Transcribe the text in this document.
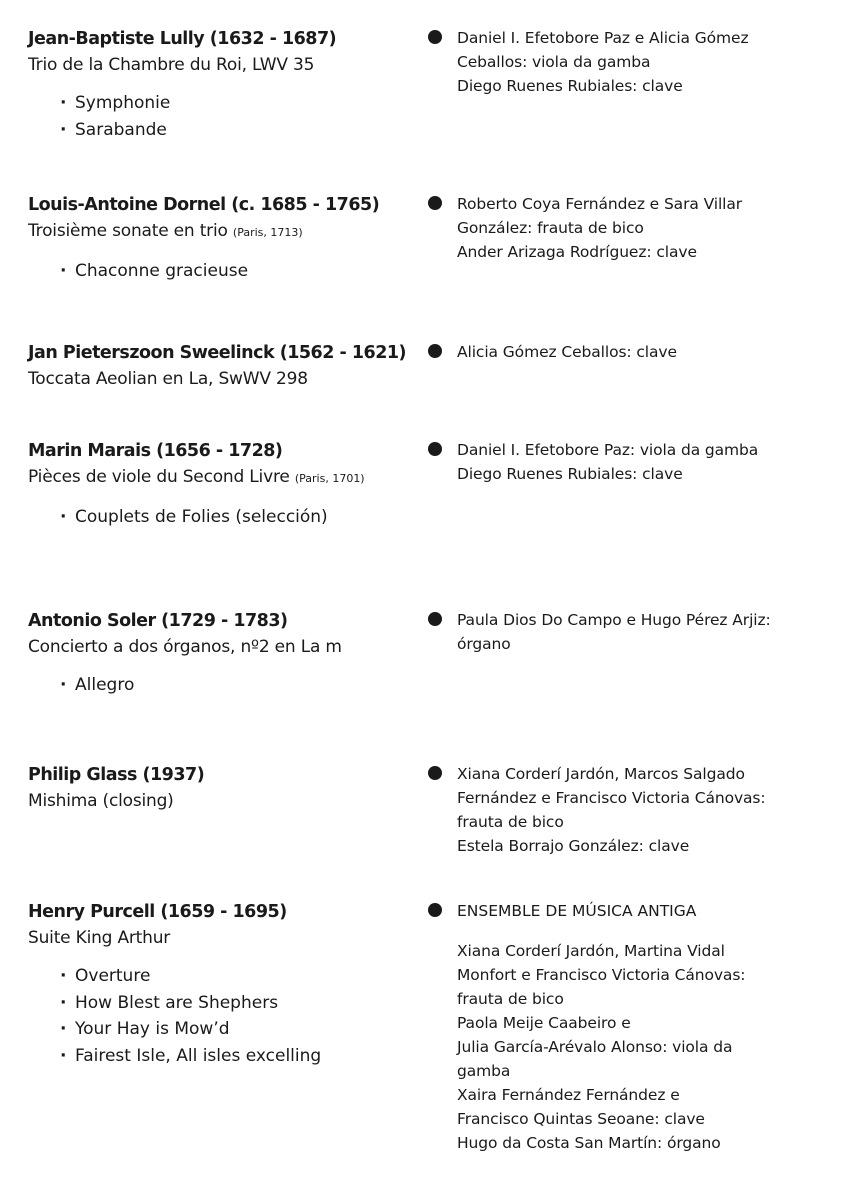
Jean-Baptiste Lully (1632 - 1687)
Trio de la Chambre du Roi, LWV 35
· Symphonie
· Sarabande
Daniel I. Efetobore Paz e Alicia Gómez
Ceballos: viola da gamba
Diego Ruenes Rubiales: clave
Louis-Antoine Dornel (c. 1685 - 1765)
Troisième sonate en trio (Paris, 1713)
· Chaconne gracieuse
Roberto Coya Fernández e Sara Villar
González: frauta de bico
Ander Arizaga Rodríguez: clave
Jan Pieterszoon Sweelinck (1562 - 1621)
Toccata Aeolian en La, SwWV 298
Alicia Gómez Ceballos: clave
Marin Marais (1656 - 1728)
Pièces de viole du Second Livre (Paris, 1701)
· Couplets de Folies (selección)
Daniel I. Efetobore Paz: viola da gamba
Diego Ruenes Rubiales: clave
Antonio Soler (1729 - 1783)
Concierto a dos órganos, nº2 en La m
· Allegro
Paula Dios Do Campo e Hugo Pérez Arjiz:
órgano
Philip Glass (1937)
Mishima (closing)
Xiana Corderí Jardón, Marcos Salgado
Fernández e Francisco Victoria Cánovas:
frauta de bico
Estela Borrajo González: clave
Henry Purcell (1659 - 1695)
Suite King Arthur
· Overture
· How Blest are Shephers
· Your Hay is Mow’d
· Fairest Isle, All isles excelling
ENSEMBLE DE MÚSICA ANTIGA
Xiana Corderí Jardón, Martina Vidal
Monfort e Francisco Victoria Cánovas:
frauta de bico
Paola Meije Caabeiro e
Julia García-Arévalo Alonso: viola da
gamba
Xaira Fernández Fernández e
Francisco Quintas Seoane: clave
Hugo da Costa San Martín: órgano
